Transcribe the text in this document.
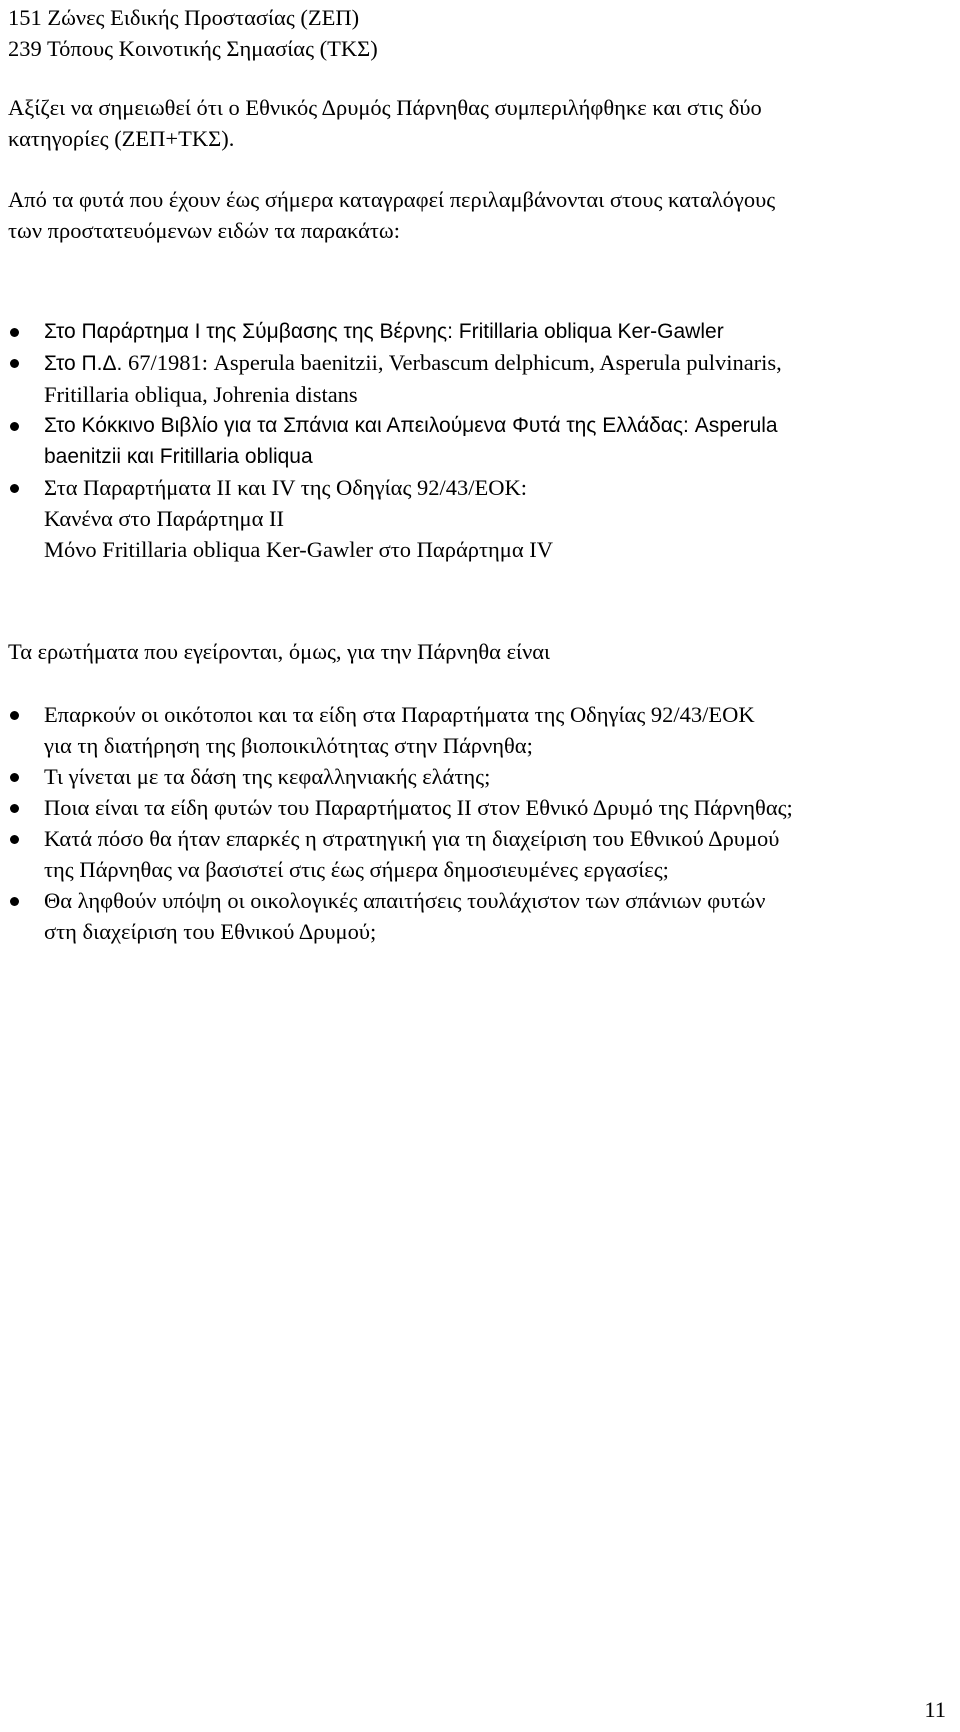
151 Ζώνες Ειδικής Προστασίας (ΖΕΠ)
239 Τόπους Κοινοτικής Σημασίας (ΤΚΣ)
Αξίζει να σημειωθεί ότι ο Εθνικός Δρυμός Πάρνηθας συμπεριλήφθηκε και στις δύο
κατηγορίες (ΖΕΠ+ΤΚΣ).
Από τα φυτά που έχουν έως σήμερα καταγραφεί περιλαμβάνονται στους καταλόγους
των προστατευόμενων ειδών τα παρακάτω:
Στο Παράρτημα Ι της Σύμβασης της Βέρνης: Fritillaria obliqua Ker-Gawler
Στο Π.Δ. 67/1981: Asperula baenitzii, Verbascum delphicum, Asperula pulvinaris,
Fritillaria obliqua, Johrenia distans
Στο Κόκκινο Βιβλίο για τα Σπάνια και Απειλούμενα Φυτά της Ελλάδας: Asperula
baenitzii και Fritillaria obliqua
Στα Παραρτήματα ΙΙ και ΙV της Οδηγίας 92/43/ΕΟΚ:
Κανένα στο Παράρτημα ΙΙ
Μόνο Fritillaria obliqua Ker-Gawler στο Παράρτημα ΙV
Τα ερωτήματα που εγείρονται, όμως, για την Πάρνηθα είναι
Επαρκούν οι οικότοποι και τα είδη στα Παραρτήματα της Οδηγίας 92/43/ΕΟΚ
για τη διατήρηση της βιοποικιλότητας στην Πάρνηθα;
Τι γίνεται με τα δάση της κεφαλληνιακής ελάτης;
Ποια είναι τα είδη φυτών του Παραρτήματος ΙΙ στον Εθνικό Δρυμό της Πάρνηθας;
Κατά πόσο θα ήταν επαρκές η στρατηγική για τη διαχείριση του Εθνικού Δρυμού
της Πάρνηθας να βασιστεί στις έως σήμερα δημοσιευμένες εργασίες;
Θα ληφθούν υπόψη οι οικολογικές απαιτήσεις τουλάχιστον των σπάνιων φυτών
στη διαχείριση του Εθνικού Δρυμού;
11
